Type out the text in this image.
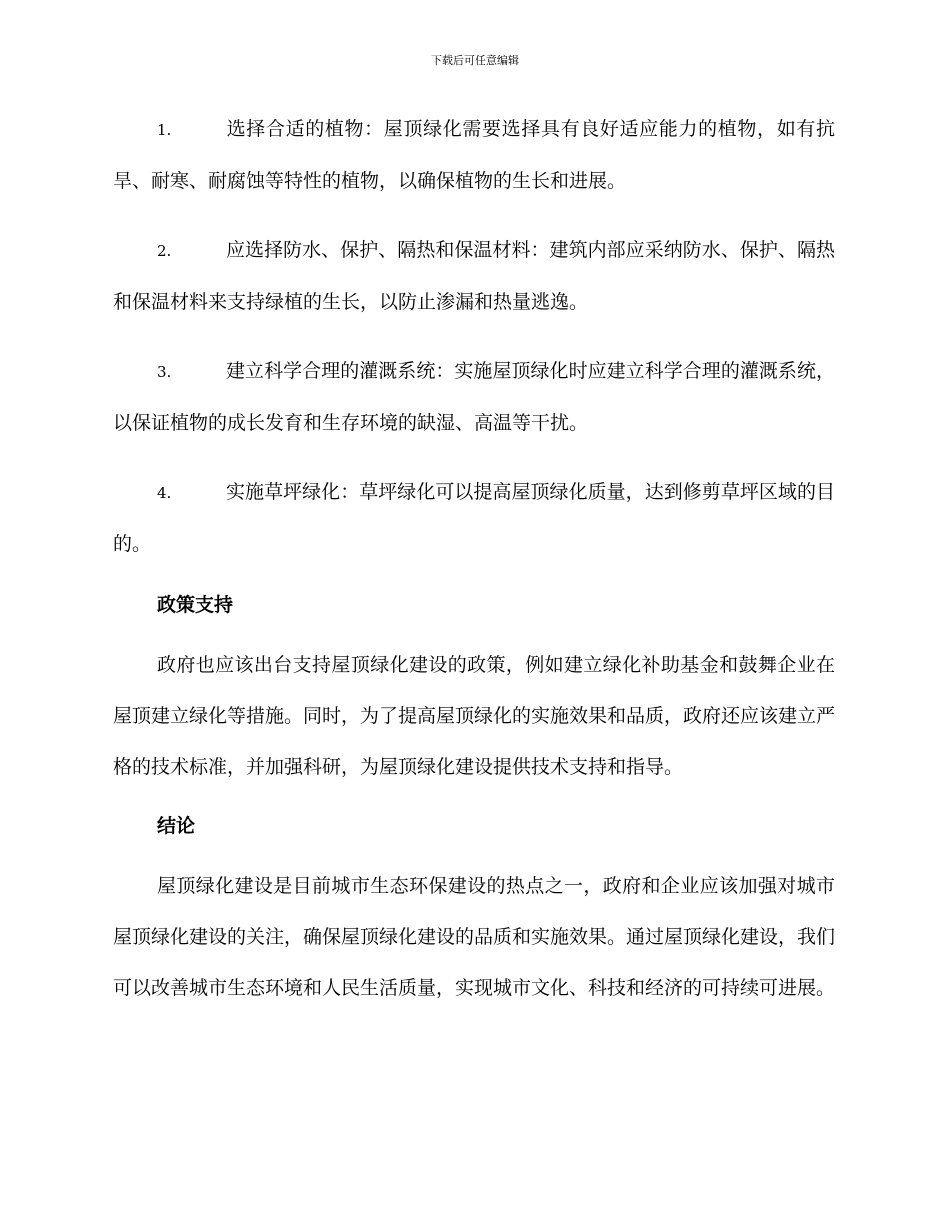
下载后可任意编辑

1.	选择合适的植物：屋顶绿化需要选择具有良好适应能力的植物，如有抗旱、耐寒、耐腐蚀等特性的植物，以确保植物的生长和进展。

2.	应选择防水、保护、隔热和保温材料：建筑内部应采纳防水、保护、隔热和保温材料来支持绿植的生长，以防止渗漏和热量逃逸。

3.	建立科学合理的灌溉系统：实施屋顶绿化时应建立科学合理的灌溉系统，以保证植物的成长发育和生存环境的缺湿、高温等干扰。

4.	实施草坪绿化：草坪绿化可以提高屋顶绿化质量，达到修剪草坪区域的目的。

政策支持

政府也应该出台支持屋顶绿化建设的政策，例如建立绿化补助基金和鼓舞企业在屋顶建立绿化等措施。同时，为了提高屋顶绿化的实施效果和品质，政府还应该建立严格的技术标准，并加强科研，为屋顶绿化建设提供技术支持和指导。

结论

屋顶绿化建设是目前城市生态环保建设的热点之一，政府和企业应该加强对城市屋顶绿化建设的关注，确保屋顶绿化建设的品质和实施效果。通过屋顶绿化建设，我们可以改善城市生态环境和人民生活质量，实现城市文化、科技和经济的可持续可进展。
